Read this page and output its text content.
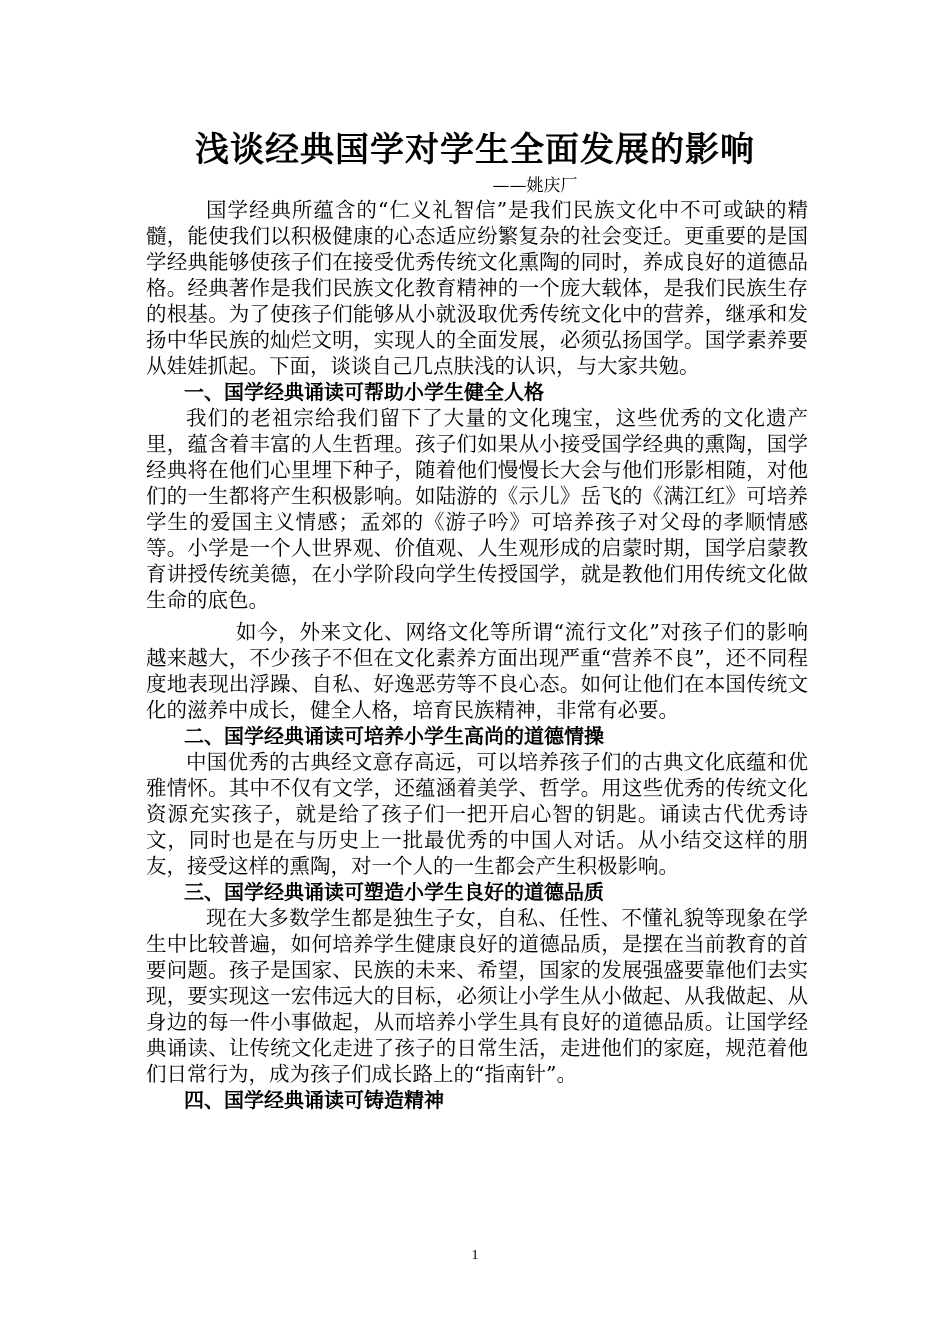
浅谈经典国学对学生全面发展的影响
——姚庆厂

国学经典所蕴含的“仁义礼智信”是我们民族文化中不可或缺的精髓，能使我们以积极健康的心态适应纷繁复杂的社会变迁。更重要的是国学经典能够使孩子们在接受优秀传统文化熏陶的同时，养成良好的道德品格。经典著作是我们民族文化教育精神的一个庞大载体，是我们民族生存的根基。为了使孩子们能够从小就汲取优秀传统文化中的营养，继承和发扬中华民族的灿烂文明，实现人的全面发展，必须弘扬国学。国学素养要从娃娃抓起。下面，谈谈自己几点肤浅的认识，与大家共勉。

一、国学经典诵读可帮助小学生健全人格

我们的老祖宗给我们留下了大量的文化瑰宝，这些优秀的文化遗产里，蕴含着丰富的人生哲理。孩子们如果从小接受国学经典的熏陶，国学经典将在他们心里埋下种子，随着他们慢慢长大会与他们形影相随，对他们的一生都将产生积极影响。如陆游的《示儿》岳飞的《满江红》可培养学生的爱国主义情感；孟郊的《游子吟》可培养孩子对父母的孝顺情感等。小学是一个人世界观、价值观、人生观形成的启蒙时期，国学启蒙教育讲授传统美德，在小学阶段向学生传授国学，就是教他们用传统文化做生命的底色。

如今，外来文化、网络文化等所谓“流行文化”对孩子们的影响越来越大，不少孩子不但在文化素养方面出现严重“营养不良”，还不同程度地表现出浮躁、自私、好逸恶劳等不良心态。如何让他们在本国传统文化的滋养中成长，健全人格，培育民族精神，非常有必要。

二、国学经典诵读可培养小学生高尚的道德情操

中国优秀的古典经文意存高远，可以培养孩子们的古典文化底蕴和优雅情怀。其中不仅有文学，还蕴涵着美学、哲学。用这些优秀的传统文化资源充实孩子，就是给了孩子们一把开启心智的钥匙。诵读古代优秀诗文，同时也是在与历史上一批最优秀的中国人对话。从小结交这样的朋友，接受这样的熏陶，对一个人的一生都会产生积极影响。

三、国学经典诵读可塑造小学生良好的道德品质

现在大多数学生都是独生子女，自私、任性、不懂礼貌等现象在学生中比较普遍，如何培养学生健康良好的道德品质，是摆在当前教育的首要问题。孩子是国家、民族的未来、希望，国家的发展强盛要靠他们去实现，要实现这一宏伟远大的目标，必须让小学生从小做起、从我做起、从身边的每一件小事做起，从而培养小学生具有良好的道德品质。让国学经典诵读、让传统文化走进了孩子的日常生活，走进他们的家庭，规范着他们日常行为，成为孩子们成长路上的“指南针”。

四、国学经典诵读可铸造精神
1
